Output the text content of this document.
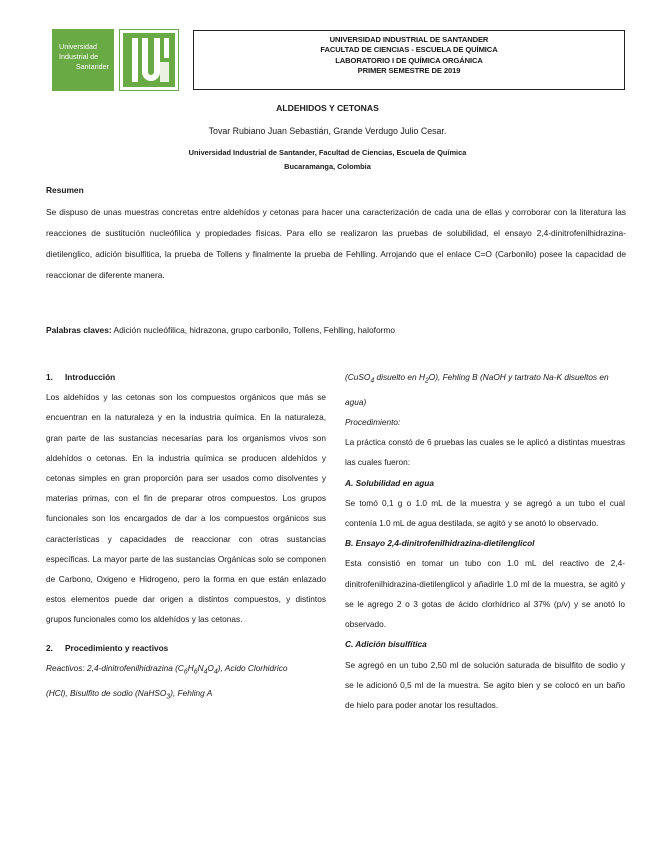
Universidad
Industrial de
Santander
UNIVERSIDAD INDUSTRIAL DE SANTANDER
FACULTAD DE CIENCIAS - ESCUELA DE QUÍMICA
LABORATORIO I DE QUÍMICA ORGÁNICA
PRIMER SEMESTRE DE 2019
ALDEHIDOS Y CETONAS
Tovar Rubiano Juan Sebastián, Grande Verdugo Julio Cesar.
Universidad Industrial de Santander, Facultad de Ciencias, Escuela de Química
Bucaramanga, Colombia
Resumen
Se dispuso de unas muestras concretas entre aldehídos y cetonas para hacer una caracterización de cada una de ellas y corroborar con la literatura las reacciones de sustitución nucleófilica y propiedades físicas. Para ello se realizaron las pruebas de solubilidad, el ensayo 2,4-dinitrofenilhidrazina-dietilenglico, adición bisulfitica, la prueba de Tollens y finalmente la prueba de Fehlling. Arrojando que el enlace C=O (Carbonilo) posee la capacidad de reaccionar de diferente manera.
Palabras claves: Adición nucleófilica, hidrazona, grupo carbonilo, Tollens, Fehlling, haloformo
1. Introducción
Los aldehídos y las cetonas son los compuestos orgánicos que más se encuentran en la naturaleza y en la industria química. En la naturaleza, gran parte de las sustancias necesarias para los organismos vivos son aldehídos o cetonas. En la industria química se producen aldehídos y cetonas simples en gran proporción para ser usados como disolventes y materias primas, con el fin de preparar otros compuestos. Los grupos funcionales son los encargados de dar a los compuestos orgánicos sus características y capacidades de reaccionar con otras sustancias específicas. La mayor parte de las sustancias Orgánicas solo se componen de Carbono, Oxigeno e Hidrogeno, pero la forma en que están enlazado estos elementos puede dar origen a distintos compuestos, y distintos grupos funcionales como los aldehídos y las cetonas.
2. Procedimiento y reactivos
Reactivos: 2,4-dinitrofenilhidrazina $(C_6H_6N_4O_4)$, Acido Clorhidrico (HCl), Bisulfito de sodio (NaHSO$_3$), Fehling A
(CuSO$_4$ disuelto en $H_2O$), Fehling B (NaOH y tartrato Na-K disueltos en agua)
Procedimiento:
La práctica constó de 6 pruebas las cuales se le aplicó a distintas muestras las cuales fueron:
A. Solubilidad en agua
Se tomó 0,1 g o 1.0 mL de la muestra y se agregó a un tubo el cual contenía 1.0 mL de agua destilada, se agitó y se anotó lo observado.
B. Ensayo 2,4-dinitrofenilhidrazina-dietilenglicol
Esta consistió en tomar un tubo con 1.0 mL del reactivo de 2,4-dinitrofenilhidrazina-dietilenglicol y añadirle 1.0 ml de la muestra, se agitó y se le agrego 2 o 3 gotas de ácido clorhídrico al 37% (p/v) y se anotó lo observado.
C. Adición bisulfítica
Se agregó en un tubo 2,50 ml de solución saturada de bisulfito de sodio y se le adicionó 0,5 ml de la muestra. Se agito bien y se colocó en un baño de hielo para poder anotar los resultados.
